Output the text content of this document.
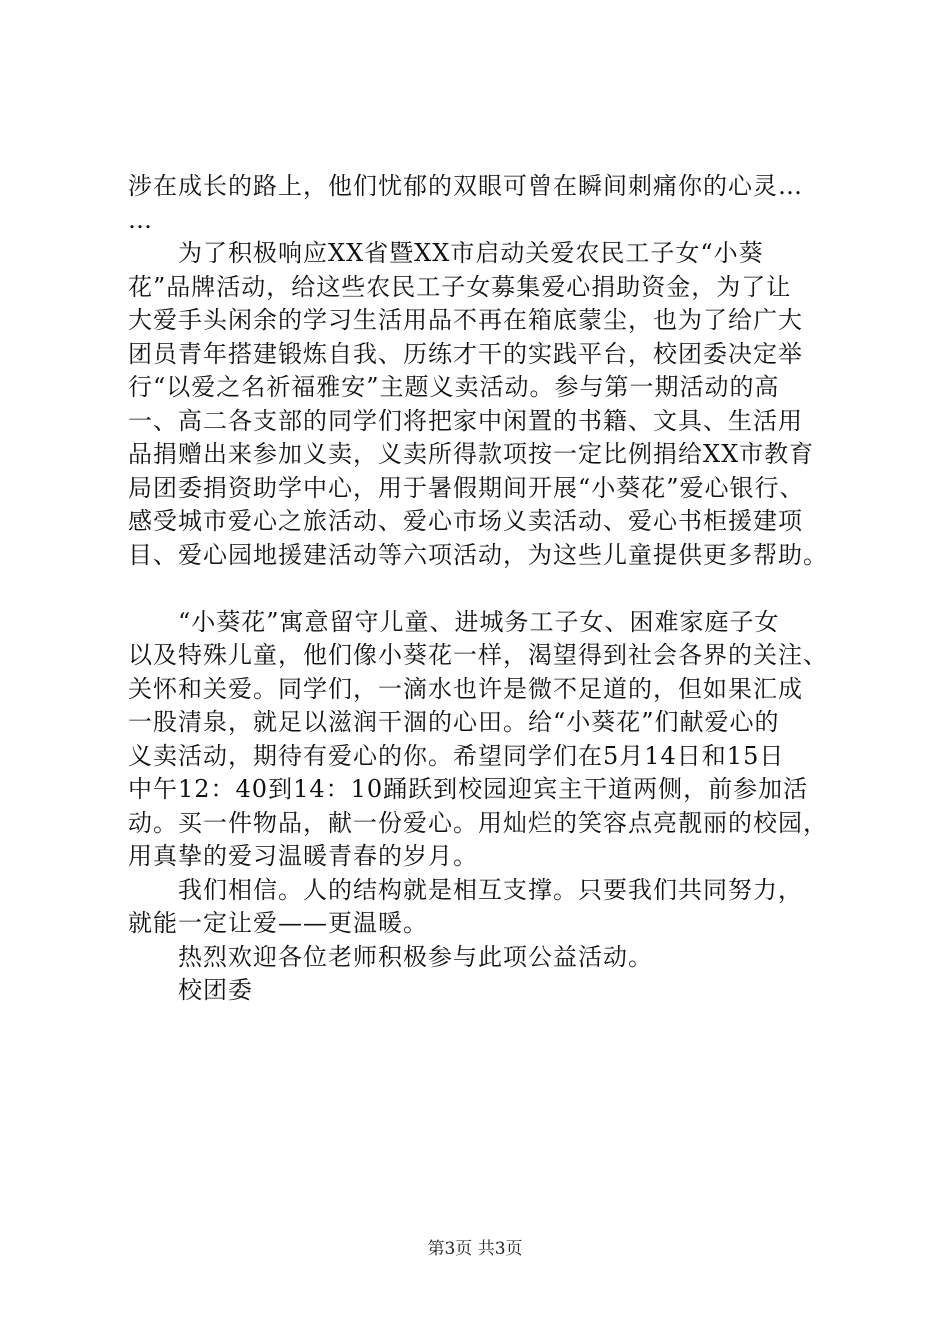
涉在成长的路上，他们忧郁的双眼可曾在瞬间刺痛你的心灵…
…
　　为了积极响应XX省暨XX市启动关爱农民工子女“小葵
花”品牌活动，给这些农民工子女募集爱心捐助资金，为了让
大爱手头闲余的学习生活用品不再在箱底蒙尘，也为了给广大
团员青年搭建锻炼自我、历练才干的实践平台，校团委决定举
行“以爱之名祈福雅安”主题义卖活动。参与第一期活动的高
一、高二各支部的同学们将把家中闲置的书籍、文具、生活用
品捐赠出来参加义卖，义卖所得款项按一定比例捐给XX市教育
局团委捐资助学中心，用于暑假期间开展“小葵花”爱心银行、
感受城市爱心之旅活动、爱心市场义卖活动、爱心书柜援建项
目、爱心园地援建活动等六项活动，为这些儿童提供更多帮助。
　　“小葵花”寓意留守儿童、进城务工子女、困难家庭子女
以及特殊儿童，他们像小葵花一样，渴望得到社会各界的关注、
关怀和关爱。同学们，一滴水也许是微不足道的，但如果汇成
一股清泉，就足以滋润干涸的心田。给“小葵花”们献爱心的
义卖活动，期待有爱心的你。希望同学们在5月14日和15日
中午12：40到14：10踊跃到校园迎宾主干道两侧，前参加活
动。买一件物品，献一份爱心。用灿烂的笑容点亮靓丽的校园，
用真挚的爱习温暖青春的岁月。
　　我们相信。人的结构就是相互支撑。只要我们共同努力，
就能一定让爱——更温暖。
　　热烈欢迎各位老师积极参与此项公益活动。
　　校团委
第3页 共3页
